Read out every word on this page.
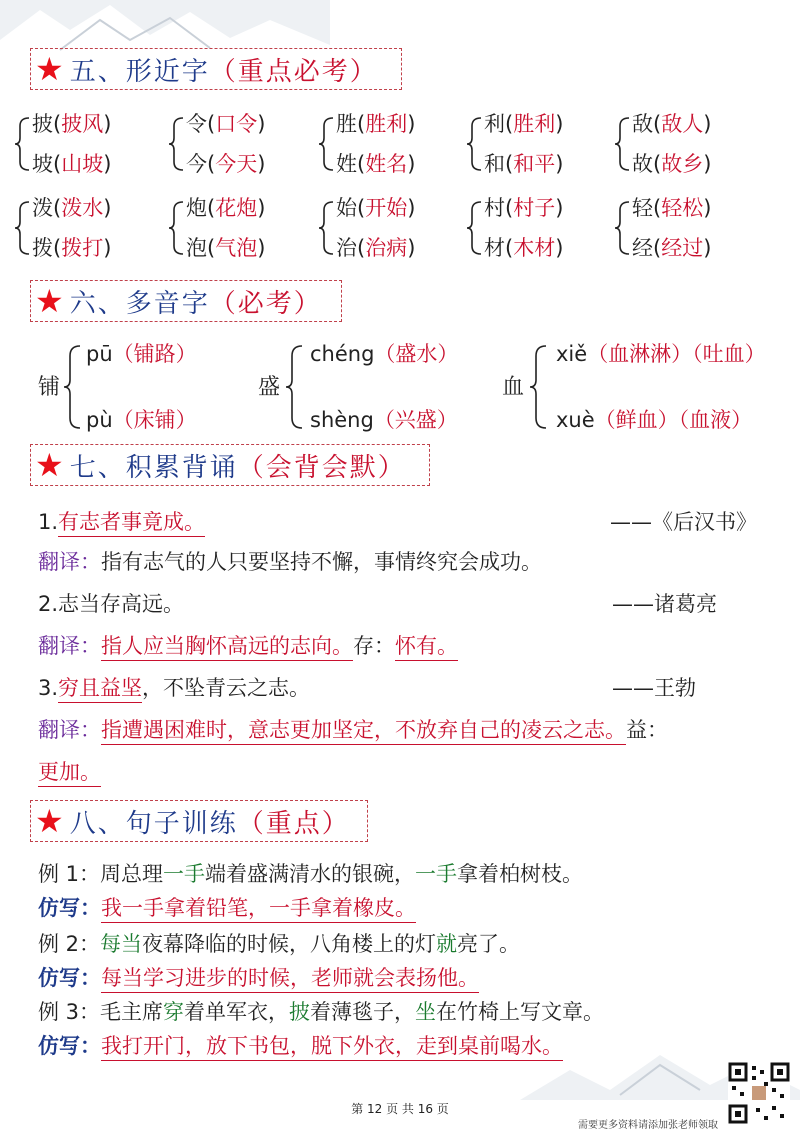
★ 五、形近字 （重点必考）
披(披风)
坡(山坡)
令(口令)
今(今天)
胜(胜利)
姓(姓名)
利(胜利)
和(和平)
敌(敌人)
故(故乡)
泼(泼水)
拨(拨打)
炮(花炮)
泡(气泡)
始(开始)
治(治病)
村(村子)
材(木材)
轻(轻松)
经(经过)
★ 六、多音字 （必考）
铺
pū（铺路）
pù（床铺）
盛
chéng（盛水）
shèng（兴盛）
血
xiě（血淋淋）（吐血）
xuè（鲜血）（血液）
★ 七、积累背诵 （会背会默）
1.有志者事竟成。	——《后汉书》
翻译：指有志气的人只要坚持不懈，事情终究会成功。
2.志当存高远。	——诸葛亮
翻译：指人应当胸怀高远的志向。存：怀有。
3.穷且益坚，不坠青云之志。	——王勃
翻译：指遭遇困难时，意志更加坚定，不放弃自己的凌云之志。益：
更加。
★ 八、句子训练 （重点）
例 1：周总理一手端着盛满清水的银碗，一手拿着柏树枝。
仿写：我一手拿着铅笔，一手拿着橡皮。
例 2：每当夜幕降临的时候，八角楼上的灯就亮了。
仿写：每当学习进步的时候，老师就会表扬他。
例 3：毛主席穿着单军衣，披着薄毯子，坐在竹椅上写文章。
仿写：我打开门，放下书包，脱下外衣，走到桌前喝水。
第 12 页 共 16 页
需要更多资料请添加张老师领取
